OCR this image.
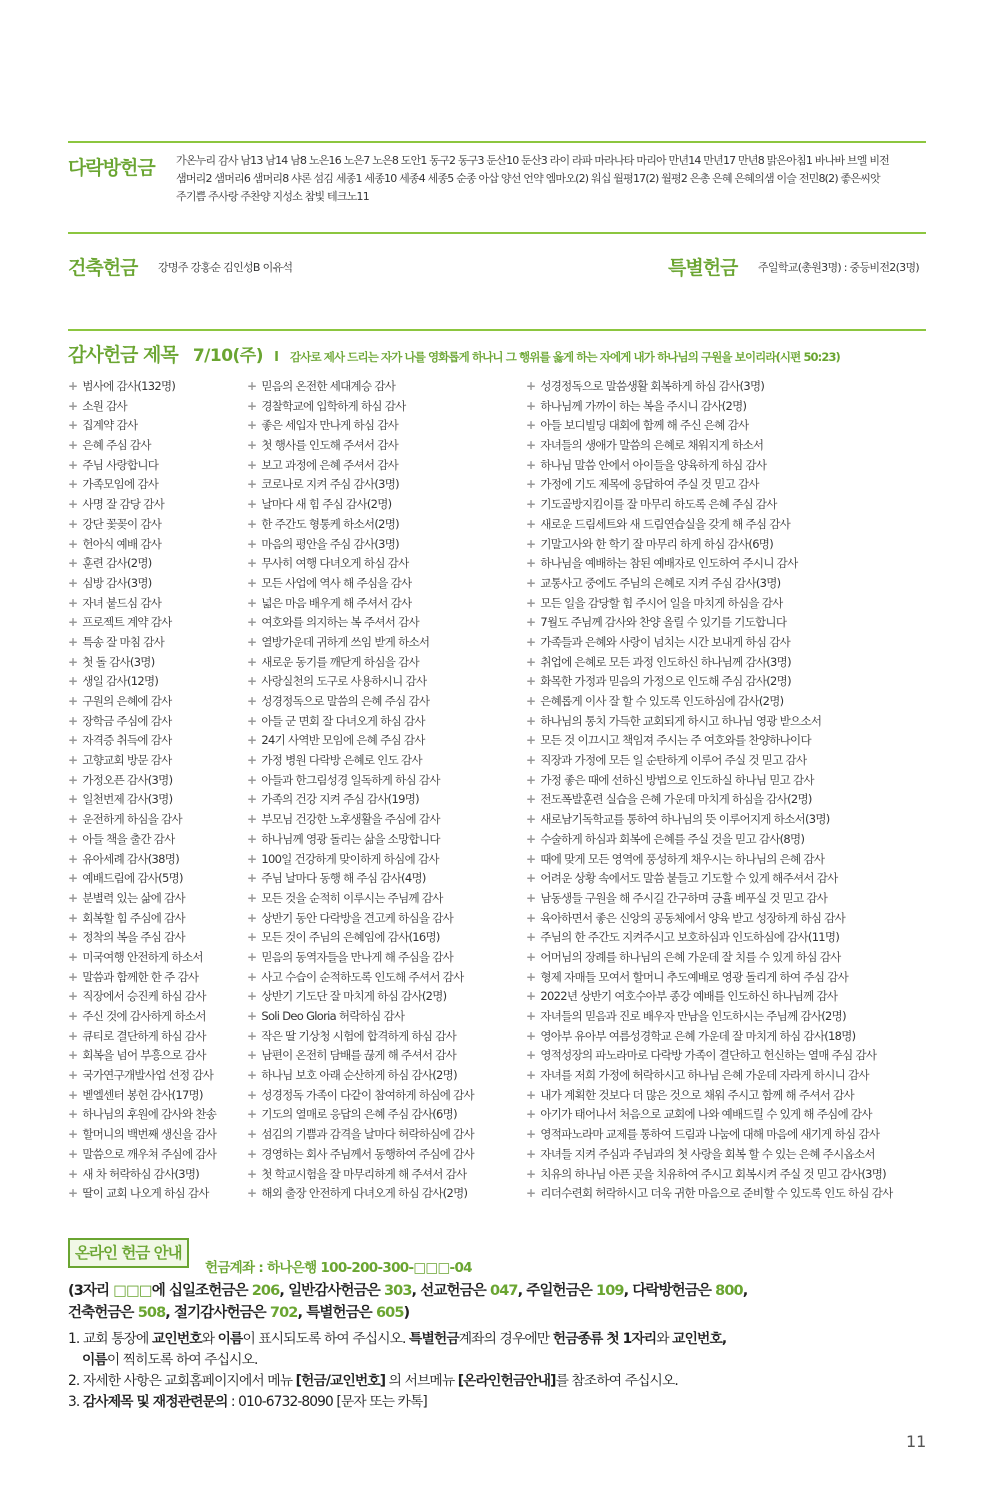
다락방헌금 가온누리 감사 남13 남14 남8 노은16 노은7 노은8 도안1 동구2 동구3 둔산10 둔산3 라이 라파 마라나타 마리아 만년14 만년17 만년8 맑은아침1 바나바 브엘 비전
샘머리2 샘머리6 샘머리8 샤론 섬김 세종1 세종10 세종4 세종5 순종 아삽 양선 언약 엠마오(2) 워십 월평17(2) 월평2 은총 은혜 은혜의샘 이슬 전민8(2) 좋은씨앗
주기쁨 주사랑 주찬양 지성소 참빛 테크노11
건축헌금 강명주 강홍순 김인성B 이유석	특별헌금 주일학교(총원3명) : 중등비전2(3명)
감사헌금 제목 7/10(주) I 감사로 제사 드리는 자가 나를 영화롭게 하나니 그 행위를 옳게 하는 자에게 내가 하나님의 구원을 보이리라(시편 50:23)
+ 범사에 감사(132명)
+ 소원 감사
+ 집계약 감사
+ 은혜 주심 감사
+ 주님 사랑합니다
+ 가족모임에 감사
+ 사명 잘 감당 감사
+ 강단 꽃꽂이 감사
+ 헌아식 예배 감사
+ 훈련 감사(2명)
+ 심방 감사(3명)
+ 자녀 붙드심 감사
+ 프로젝트 계약 감사
+ 특송 잘 마침 감사
+ 첫 돌 감사(3명)
+ 생일 감사(12명)
+ 구원의 은혜에 감사
+ 장학금 주심에 감사
+ 자격증 취득에 감사
+ 고향교회 방문 감사
+ 가정오픈 감사(3명)
+ 일천번제 감사(3명)
+ 운전하게 하심을 감사
+ 아들 책을 출간 감사
+ 유아세례 감사(38명)
+ 예배드림에 감사(5명)
+ 분별력 있는 삶에 감사
+ 회복할 힘 주심에 감사
+ 정착의 복을 주심 감사
+ 미국여행 안전하게 하소서
+ 말씀과 함께한 한 주 감사
+ 직장에서 승진케 하심 감사
+ 주신 것에 감사하게 하소서
+ 큐티로 결단하게 하심 감사
+ 회복을 넘어 부흥으로 감사
+ 국가연구개발사업 선정 감사
+ 벧엘센터 봉헌 감사(17명)
+ 하나님의 후원에 감사와 찬송
+ 할머니의 백번째 생신을 감사
+ 말씀으로 깨우쳐 주심에 감사
+ 새 차 허락하심 감사(3명)
+ 딸이 교회 나오게 하심 감사
+ 믿음의 온전한 세대계승 감사
+ 경찰학교에 입학하게 하심 감사
+ 좋은 세입자 만나게 하심 감사
+ 첫 행사를 인도해 주셔서 감사
+ 보고 과정에 은혜 주셔서 감사
+ 코로나로 지켜 주심 감사(3명)
+ 날마다 새 힘 주심 감사(2명)
+ 한 주간도 형통케 하소서(2명)
+ 마음의 평안을 주심 감사(3명)
+ 무사히 여행 다녀오게 하심 감사
+ 모든 사업에 역사 해 주심을 감사
+ 넓은 마음 배우게 해 주셔서 감사
+ 여호와를 의지하는 복 주셔서 감사
+ 열방가운데 귀하게 쓰임 받게 하소서
+ 새로운 동기를 깨닫게 하심을 감사
+ 사랑실천의 도구로 사용하시니 감사
+ 성경정독으로 말씀의 은혜 주심 감사
+ 아들 군 면회 잘 다녀오게 하심 감사
+ 24기 사역반 모임에 은혜 주심 감사
+ 가정 병원 다락방 은혜로 인도 감사
+ 아들과 한그림성경 일독하게 하심 감사
+ 가족의 건강 지켜 주심 감사(19명)
+ 부모님 건강한 노후생활을 주심에 감사
+ 하나님께 영광 돌리는 삶을 소망합니다
+ 100일 건강하게 맞이하게 하심에 감사
+ 주님 날마다 동행 해 주심 감사(4명)
+ 모든 것을 순적히 이루시는 주님께 감사
+ 상반기 동안 다락방을 견고케 하심을 감사
+ 모든 것이 주님의 은혜임에 감사(16명)
+ 믿음의 동역자들을 만나게 해 주심을 감사
+ 사고 수습이 순적하도록 인도해 주셔서 감사
+ 상반기 기도단 잘 마치게 하심 감사(2명)
+ Soli Deo Gloria 허락하심 감사
+ 작은 딸 기상청 시험에 합격하게 하심 감사
+ 남편이 온전히 담배를 끊게 해 주셔서 감사
+ 하나님 보호 아래 순산하게 하심 감사(2명)
+ 성경정독 가족이 다같이 참여하게 하심에 감사
+ 기도의 열매로 응답의 은혜 주심 감사(6명)
+ 섬김의 기쁨과 감격을 날마다 허락하심에 감사
+ 경영하는 회사 주님께서 동행하여 주심에 감사
+ 첫 학교시험을 잘 마무리하게 해 주셔서 감사
+ 해외 출장 안전하게 다녀오게 하심 감사(2명)
+ 성경정독으로 말씀생활 회복하게 하심 감사(3명)
+ 하나님께 가까이 하는 복을 주시니 감사(2명)
+ 아들 보디빌딩 대회에 함께 해 주신 은혜 감사
+ 자녀들의 생애가 말씀의 은혜로 채워지게 하소서
+ 하나님 말씀 안에서 아이들을 양육하게 하심 감사
+ 가정에 기도 제목에 응답하여 주실 것 믿고 감사
+ 기도골방지킴이를 잘 마무리 하도록 은혜 주심 감사
+ 새로운 드림세트와 새 드림연습실을 갖게 해 주심 감사
+ 기말고사와 한 학기 잘 마무리 하게 하심 감사(6명)
+ 하나님을 예배하는 참된 예배자로 인도하여 주시니 감사
+ 교통사고 중에도 주님의 은혜로 지켜 주심 감사(3명)
+ 모든 일을 감당할 힘 주시어 일을 마치게 하심을 감사
+ 7월도 주님께 감사와 찬양 올릴 수 있기를 기도합니다
+ 가족들과 은혜와 사랑이 넘치는 시간 보내게 하심 감사
+ 취업에 은혜로 모든 과정 인도하신 하나님께 감사(3명)
+ 화목한 가정과 믿음의 가정으로 인도해 주심 감사(2명)
+ 은혜롭게 이사 잘 할 수 있도록 인도하심에 감사(2명)
+ 하나님의 통치 가득한 교회되게 하시고 하나님 영광 받으소서
+ 모든 것 이끄시고 책임져 주시는 주 여호와를 찬양하나이다
+ 직장과 가정에 모든 일 순탄하게 이루어 주실 것 믿고 감사
+ 가정 좋은 때에 선하신 방법으로 인도하실 하나님 믿고 감사
+ 전도폭발훈련 실습을 은혜 가운데 마치게 하심을 감사(2명)
+ 새로남기독학교를 통하여 하나님의 뜻 이루어지게 하소서(3명)
+ 수술하게 하심과 회복에 은혜를 주실 것을 믿고 감사(8명)
+ 때에 맞게 모든 영역에 풍성하게 채우시는 하나님의 은혜 감사
+ 어려운 상황 속에서도 말씀 붙들고 기도할 수 있게 해주셔서 감사
+ 남동생들 구원을 해 주시길 간구하며 긍휼 베푸실 것 믿고 감사
+ 육아하면서 좋은 신앙의 공동체에서 양육 받고 성장하게 하심 감사
+ 주님의 한 주간도 지켜주시고 보호하심과 인도하심에 감사(11명)
+ 어머님의 장례를 하나님의 은혜 가운데 잘 치를 수 있게 하심 감사
+ 형제 자매들 모여서 할머니 추도예배로 영광 돌리게 하여 주심 감사
+ 2022년 상반기 여호수아부 종강 예배를 인도하신 하나님께 감사
+ 자녀들의 믿음과 진로 배우자 만남을 인도하시는 주님께 감사(2명)
+ 영아부 유아부 여름성경학교 은혜 가운데 잘 마치게 하심 감사(18명)
+ 영적성장의 파노라마로 다락방 가족이 결단하고 헌신하는 열매 주심 감사
+ 자녀를 저희 가정에 허락하시고 하나님 은혜 가운데 자라게 하시니 감사
+ 내가 계획한 것보다 더 많은 것으로 채워 주시고 함께 해 주셔서 감사
+ 아기가 태어나서 처음으로 교회에 나와 예배드릴 수 있게 해 주심에 감사
+ 영적파노라마 교제를 통하여 드림과 나눔에 대해 마음에 새기게 하심 감사
+ 자녀들 지켜 주심과 주님과의 첫 사랑을 회복 할 수 있는 은혜 주시옵소서
+ 치유의 하나님 아픈 곳을 치유하여 주시고 회복시켜 주실 것 믿고 감사(3명)
+ 리더수련회 허락하시고 더욱 귀한 마음으로 준비할 수 있도록 인도 하심 감사
온라인 헌금 안내
헌금계좌 : 하나은행 100-200-300-□□□-04
(3자리 □□□에 십일조헌금은 206, 일반감사헌금은 303, 선교헌금은 047, 주일헌금은 109, 다락방헌금은 800,
건축헌금은 508, 절기감사헌금은 702, 특별헌금은 605)
1. 교회 통장에 교인번호와 이름이 표시되도록 하여 주십시오. 특별헌금계좌의 경우에만 헌금종류 첫 1자리와 교인번호,
이름이 찍히도록 하여 주십시오.
2. 자세한 사항은 교회홈페이지에서 메뉴 [헌금/교인번호] 의 서브메뉴 [온라인헌금안내]를 참조하여 주십시오.
3. 감사제목 및 재정관련문의 : 010-6732-8090 [문자 또는 카톡]
11
